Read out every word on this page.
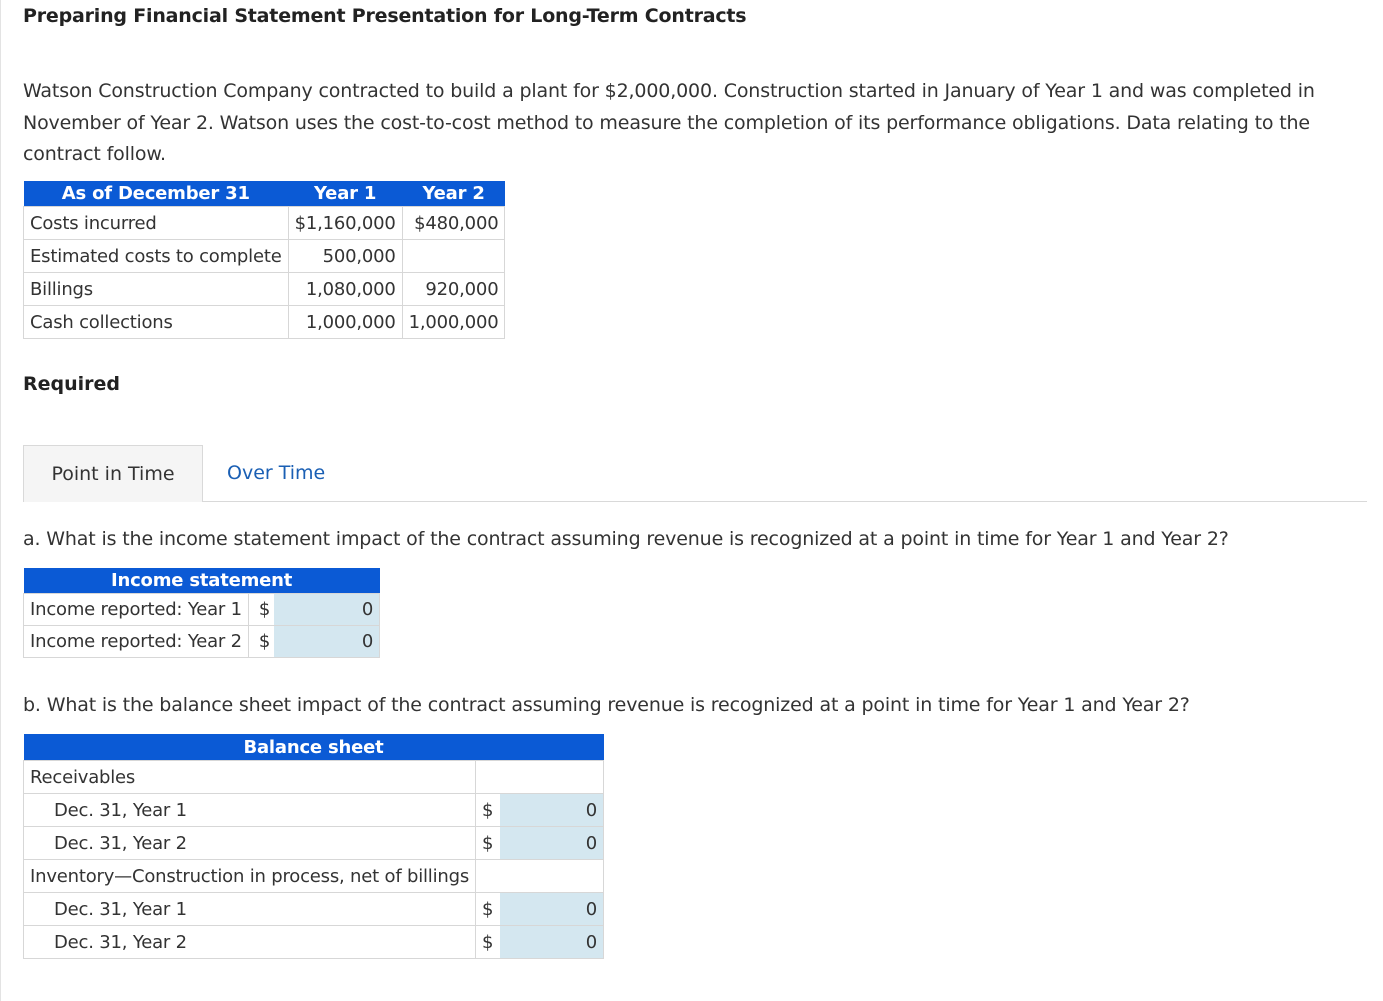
Preparing Financial Statement Presentation for Long-Term Contracts

Watson Construction Company contracted to build a plant for $2,000,000. Construction started in January of Year 1 and was completed in November of Year 2. Watson uses the cost-to-cost method to measure the completion of its performance obligations. Data relating to the contract follow.

As of December 31	Year 1	Year 2
Costs incurred	$1,160,000	$480,000
Estimated costs to complete	500,000	
Billings	1,080,000	920,000
Cash collections	1,000,000	1,000,000
Required
Point in Time	Over Time

a. What is the income statement impact of the contract assuming revenue is recognized at a point in time for Year 1 and Year 2?

Income statement		
Income reported: Year 1	$	0
Income reported: Year 2	$	0

b. What is the balance sheet impact of the contract assuming revenue is recognized at a point in time for Year 1 and Year 2?

Balance sheet		
Receivables		
Dec. 31, Year 1	$	0
Dec. 31, Year 2	$	0
Inventory—Construction in process, net of billings		
Dec. 31, Year 1	$	0
Dec. 31, Year 2	$	0
